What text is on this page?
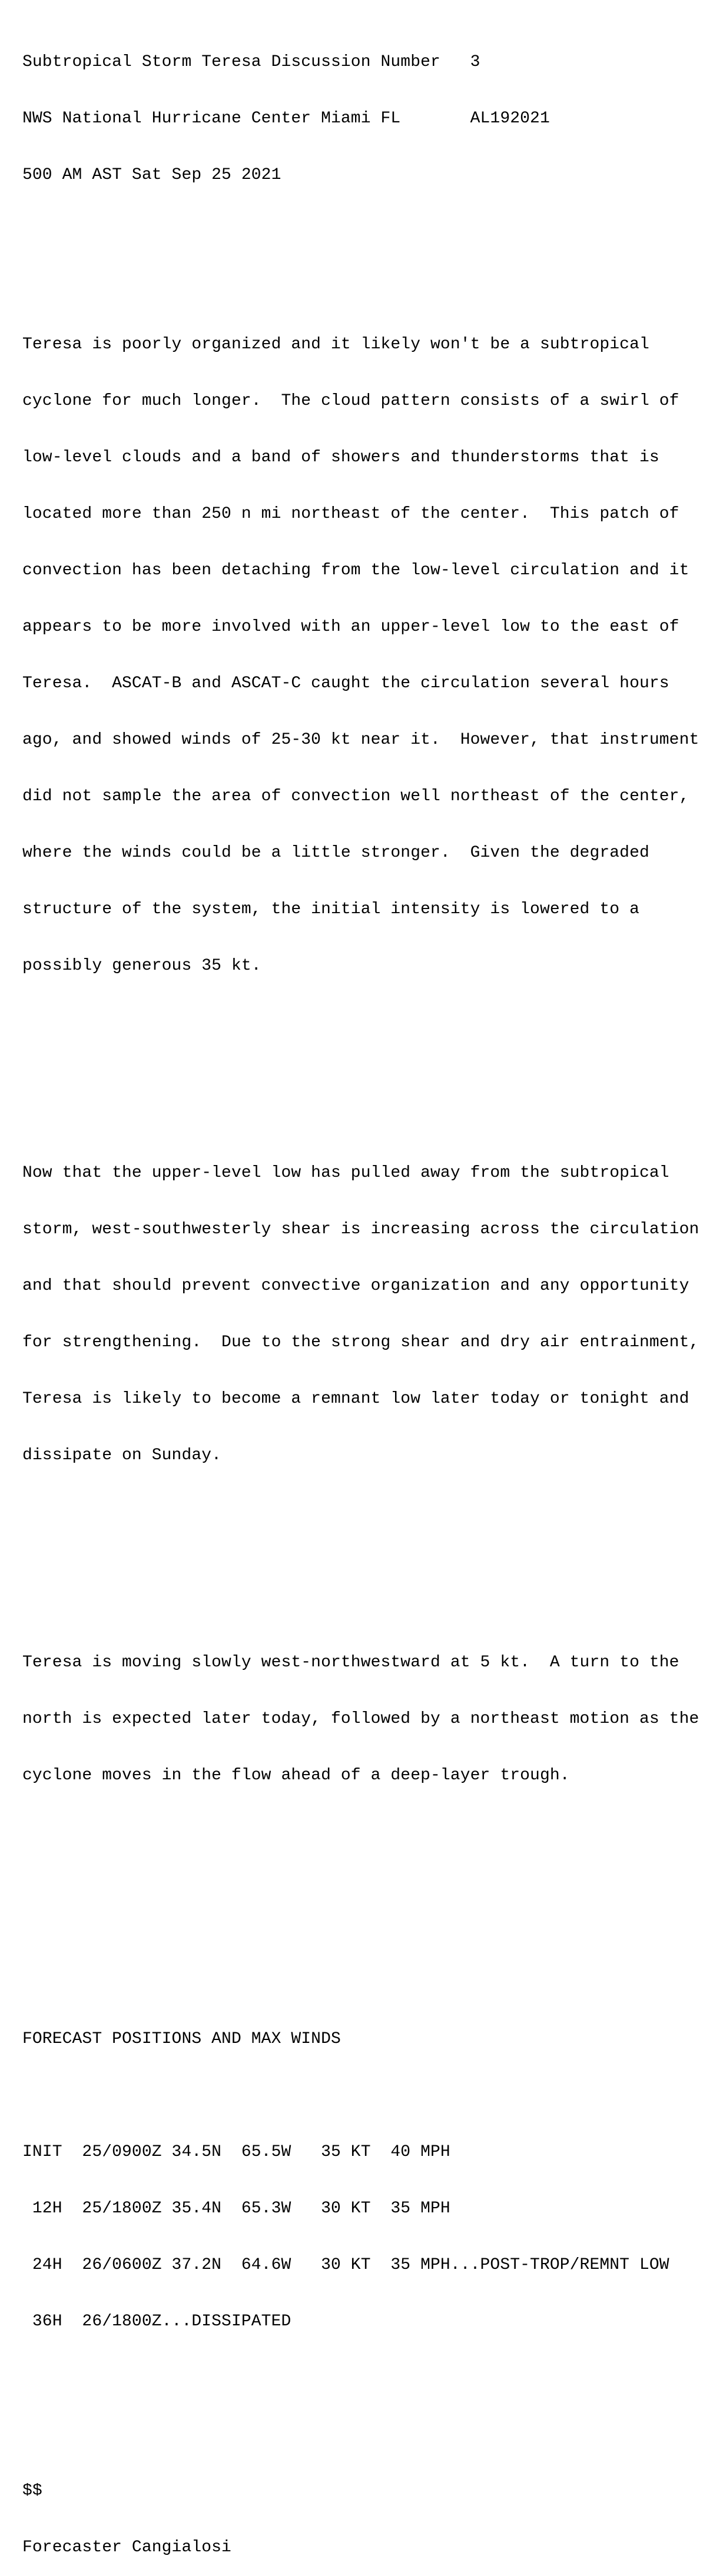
Subtropical Storm Teresa Discussion Number   3

NWS National Hurricane Center Miami FL       AL192021

500 AM AST Sat Sep 25 2021

Teresa is poorly organized and it likely won't be a subtropical

cyclone for much longer.  The cloud pattern consists of a swirl of

low-level clouds and a band of showers and thunderstorms that is

located more than 250 n mi northeast of the center.  This patch of

convection has been detaching from the low-level circulation and it

appears to be more involved with an upper-level low to the east of

Teresa.  ASCAT-B and ASCAT-C caught the circulation several hours

ago, and showed winds of 25-30 kt near it.  However, that instrument

did not sample the area of convection well northeast of the center,

where the winds could be a little stronger.  Given the degraded

structure of the system, the initial intensity is lowered to a

possibly generous 35 kt.

Now that the upper-level low has pulled away from the subtropical

storm, west-southwesterly shear is increasing across the circulation

and that should prevent convective organization and any opportunity

for strengthening.  Due to the strong shear and dry air entrainment,

Teresa is likely to become a remnant low later today or tonight and

dissipate on Sunday.

Teresa is moving slowly west-northwestward at 5 kt.  A turn to the

north is expected later today, followed by a northeast motion as the

cyclone moves in the flow ahead of a deep-layer trough.

FORECAST POSITIONS AND MAX WINDS

INIT  25/0900Z 34.5N  65.5W   35 KT  40 MPH

12H  25/1800Z 35.4N  65.3W   30 KT  35 MPH

24H  26/0600Z 37.2N  64.6W   30 KT  35 MPH...POST-TROP/REMNT LOW

36H  26/1800Z...DISSIPATED

$$

Forecaster Cangialosi
